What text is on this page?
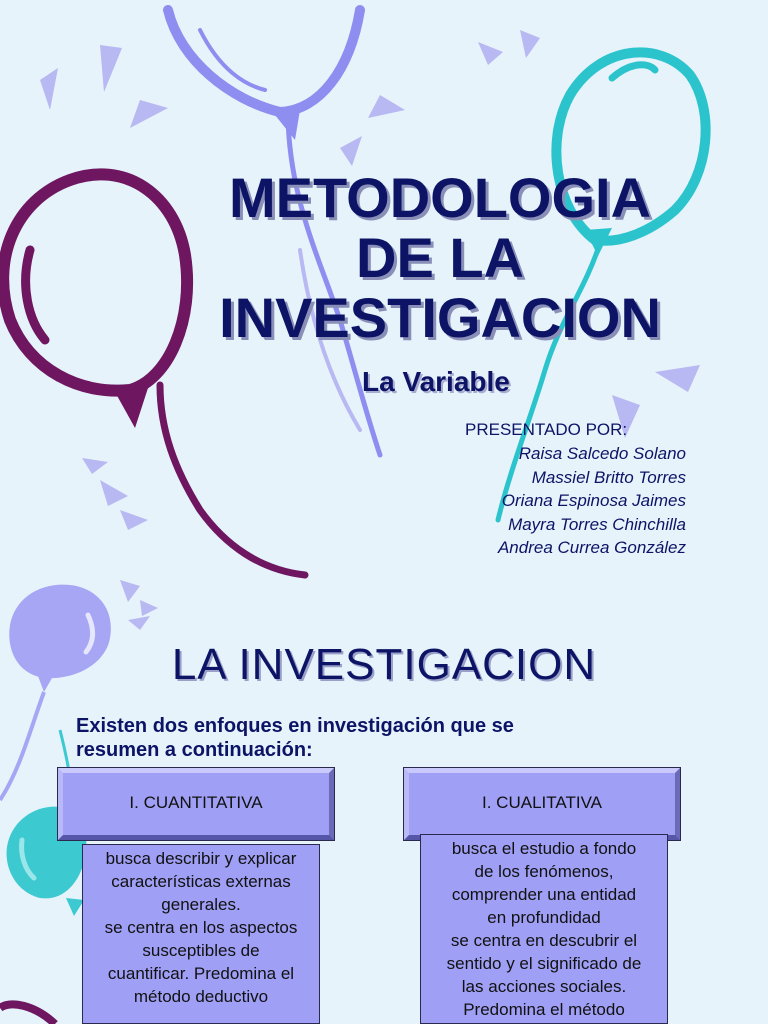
METODOLOGIA
DE LA
INVESTIGACION
La Variable
PRESENTADO POR:
Raisa Salcedo Solano
Massiel Britto Torres
Oriana Espinosa Jaimes
Mayra Torres Chinchilla
Andrea Currea González
LA INVESTIGACION
Existen dos enfoques en investigación que se
resumen a continuación:
I. CUANTITATIVA
busca describir y explicar
características externas
generales.
se centra en los aspectos
susceptibles de
cuantificar. Predomina el
método deductivo
I. CUALITATIVA
busca el estudio a fondo
de los fenómenos,
comprender una entidad
en profundidad
se centra en descubrir el
sentido y el significado de
las acciones sociales.
Predomina el método
